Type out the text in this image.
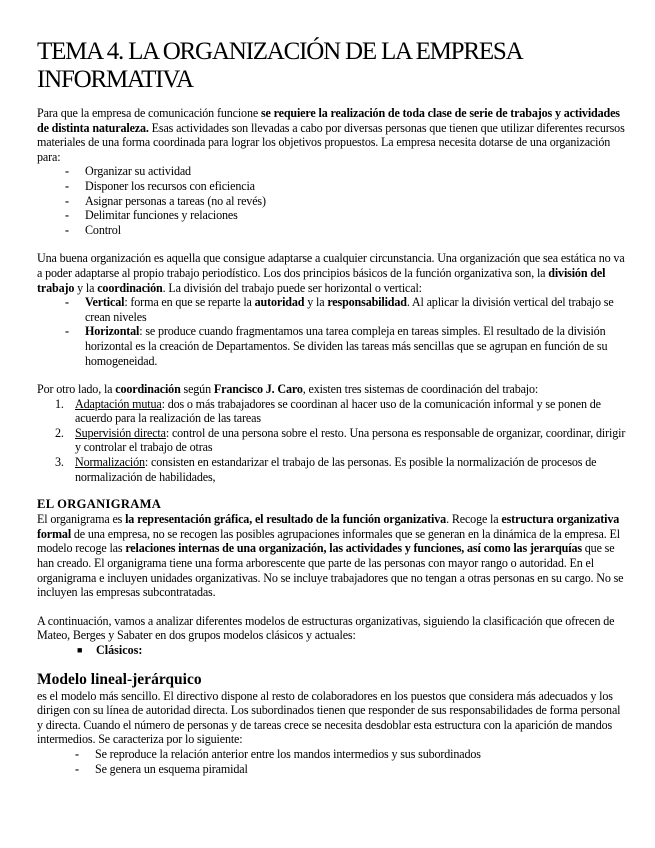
TEMA 4. LA ORGANIZACIÓN DE LA EMPRESA INFORMATIVA

Para que la empresa de comunicación funcione se requiere la realización de toda clase de serie de trabajos y actividades de distinta naturaleza. Esas actividades son llevadas a cabo por diversas personas que tienen que utilizar diferentes recursos materiales de una forma coordinada para lograr los objetivos propuestos. La empresa necesita dotarse de una organización para:

- Organizar su actividad
- Disponer los recursos con eficiencia
- Asignar personas a tareas (no al revés)
- Delimitar funciones y relaciones
- Control

Una buena organización es aquella que consigue adaptarse a cualquier circunstancia. Una organización que sea estática no va a poder adaptarse al propio trabajo periodístico. Los dos principios básicos de la función organizativa son, la división del trabajo y la coordinación. La división del trabajo puede ser horizontal o vertical:

- Vertical: forma en que se reparte la autoridad y la responsabilidad. Al aplicar la división vertical del trabajo se crean niveles
- Horizontal: se produce cuando fragmentamos una tarea compleja en tareas simples. El resultado de la división horizontal es la creación de Departamentos. Se dividen las tareas más sencillas que se agrupan en función de su homogeneidad.

Por otro lado, la coordinación según Francisco J. Caro, existen tres sistemas de coordinación del trabajo:

1. Adaptación mutua: dos o más trabajadores se coordinan al hacer uso de la comunicación informal y se ponen de acuerdo para la realización de las tareas
2. Supervisión directa: control de una persona sobre el resto. Una persona es responsable de organizar, coordinar, dirigir y controlar el trabajo de otras
3. Normalización: consisten en estandarizar el trabajo de las personas. Es posible la normalización de procesos de normalización de habilidades,
EL ORGANIGRAMA

El organigrama es la representación gráfica, el resultado de la función organizativa. Recoge la estructura organizativa formal de una empresa, no se recogen las posibles agrupaciones informales que se generan en la dinámica de la empresa. El modelo recoge las relaciones internas de una organización, las actividades y funciones, así como las jerarquías que se han creado. El organigrama tiene una forma arborescente que parte de las personas con mayor rango o autoridad. En el organigrama e incluyen unidades organizativas. No se incluye trabajadores que no tengan a otras personas en su cargo. No se incluyen las empresas subcontratadas.

A continuación, vamos a analizar diferentes modelos de estructuras organizativas, siguiendo la clasificación que ofrecen de Mateo, Berges y Sabater en dos grupos modelos clásicos y actuales:

■ Clásicos:
Modelo lineal-jerárquico

es el modelo más sencillo. El directivo dispone al resto de colaboradores en los puestos que considera más adecuados y los dirigen con su línea de autoridad directa. Los subordinados tienen que responder de sus responsabilidades de forma personal y directa. Cuando el número de personas y de tareas crece se necesita desdoblar esta estructura con la aparición de mandos intermedios. Se caracteriza por lo siguiente:

- Se reproduce la relación anterior entre los mandos intermedios y sus subordinados
- Se genera un esquema piramidal
